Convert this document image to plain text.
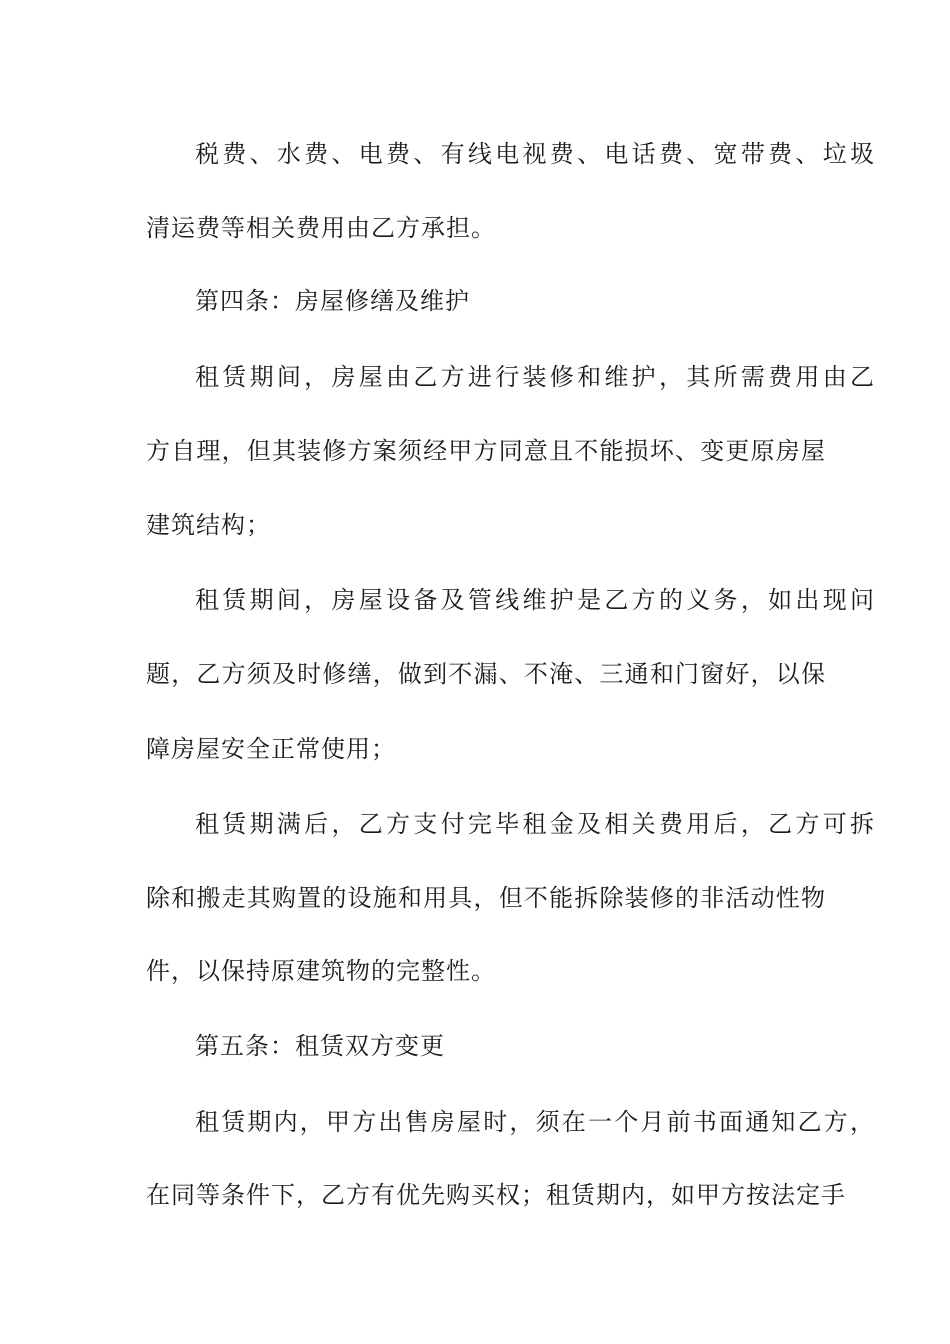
税费、水费、电费、有线电视费、电话费、宽带费、垃圾

清运费等相关费用由乙方承担。

第四条：房屋修缮及维护

租赁期间，房屋由乙方进行装修和维护，其所需费用由乙

方自理，但其装修方案须经甲方同意且不能损坏、变更原房屋

建筑结构；

租赁期间，房屋设备及管线维护是乙方的义务，如出现问

题，乙方须及时修缮，做到不漏、不淹、三通和门窗好，以保

障房屋安全正常使用；

租赁期满后，乙方支付完毕租金及相关费用后，乙方可拆

除和搬走其购置的设施和用具，但不能拆除装修的非活动性物

件，以保持原建筑物的完整性。

第五条：租赁双方变更

租赁期内，甲方出售房屋时，须在一个月前书面通知乙方，

在同等条件下，乙方有优先购买权；租赁期内，如甲方按法定手
